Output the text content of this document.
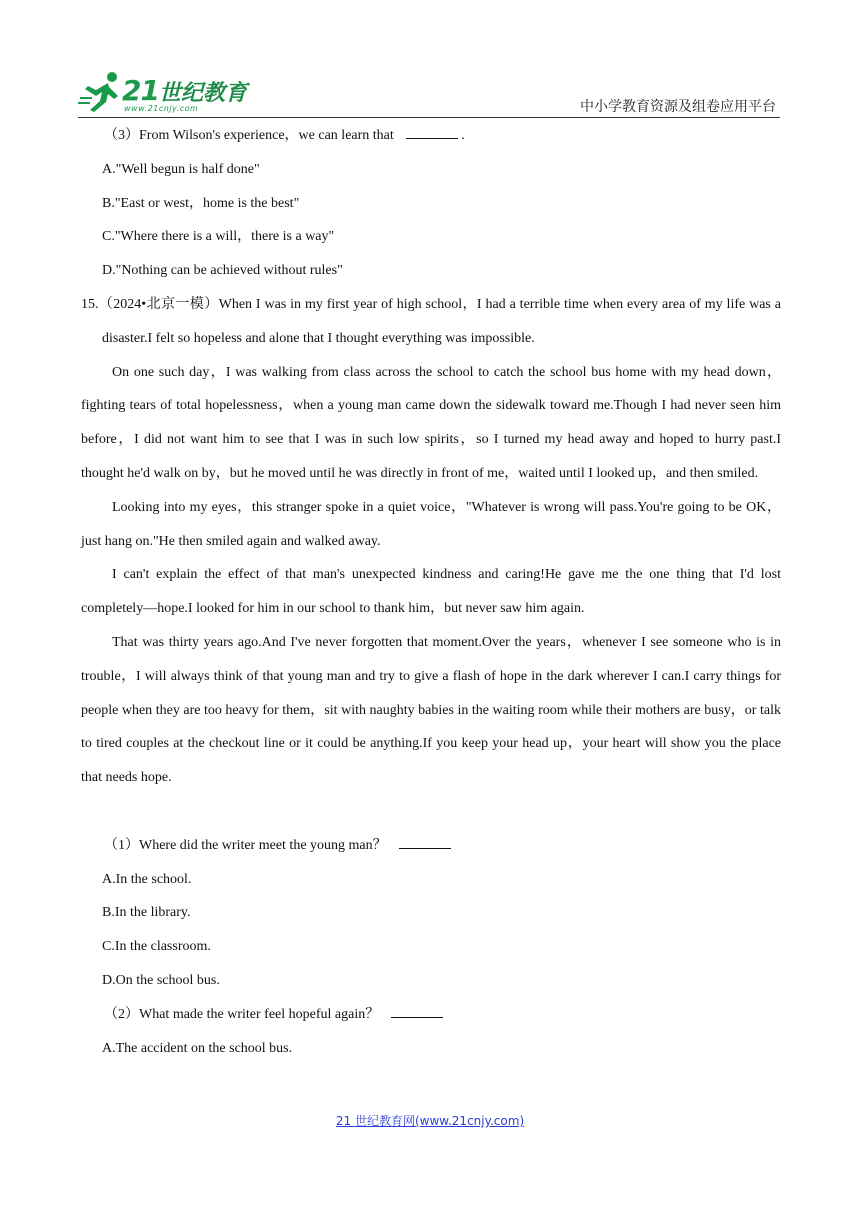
21世纪教育
www.21cnjy.com	中小学教育资源及组卷应用平台
（3）From Wilson's experience，we can learn that	.
A."Well begun is half done"
B."East or west，home is the best"
C."Where there is a will，there is a way"
D."Nothing can be achieved without rules"

15.（2024•北京一模）When I was in my first year of high school，I had a terrible time when every area of my life was a disaster.I felt so hopeless and alone that I thought everything was impossible.

On one such day，I was walking from class across the school to catch the school bus home with my head down，fighting tears of total hopelessness，when a young man came down the sidewalk toward me.Though I had never seen him before，I did not want him to see that I was in such low spirits，so I turned my head away and hoped to hurry past.I thought he'd walk on by，but he moved until he was directly in front of me，waited until I looked up，and then smiled.

Looking into my eyes，this stranger spoke in a quiet voice，"Whatever is wrong will pass.You're going to be OK，just hang on."He then smiled again and walked away.

I can't explain the effect of that man's unexpected kindness and caring!He gave me the one thing that I'd lost completely—hope.I looked for him in our school to thank him，but never saw him again.

That was thirty years ago.And I've never forgotten that moment.Over the years，whenever I see someone who is in trouble，I will always think of that young man and try to give a flash of hope in the dark wherever I can.I carry things for people when they are too heavy for them，sit with naughty babies in the waiting room while their mothers are busy，or talk to tired couples at the checkout line or it could be anything.If you keep your head up，your heart will show you the place that needs hope.

（1）Where did the writer meet the young man？
A.In the school.
B.In the library.
C.In the classroom.
D.On the school bus.
（2）What made the writer feel hopeful again？
A.The accident on the school bus.
21 世纪教育网(www.21cnjy.com)
